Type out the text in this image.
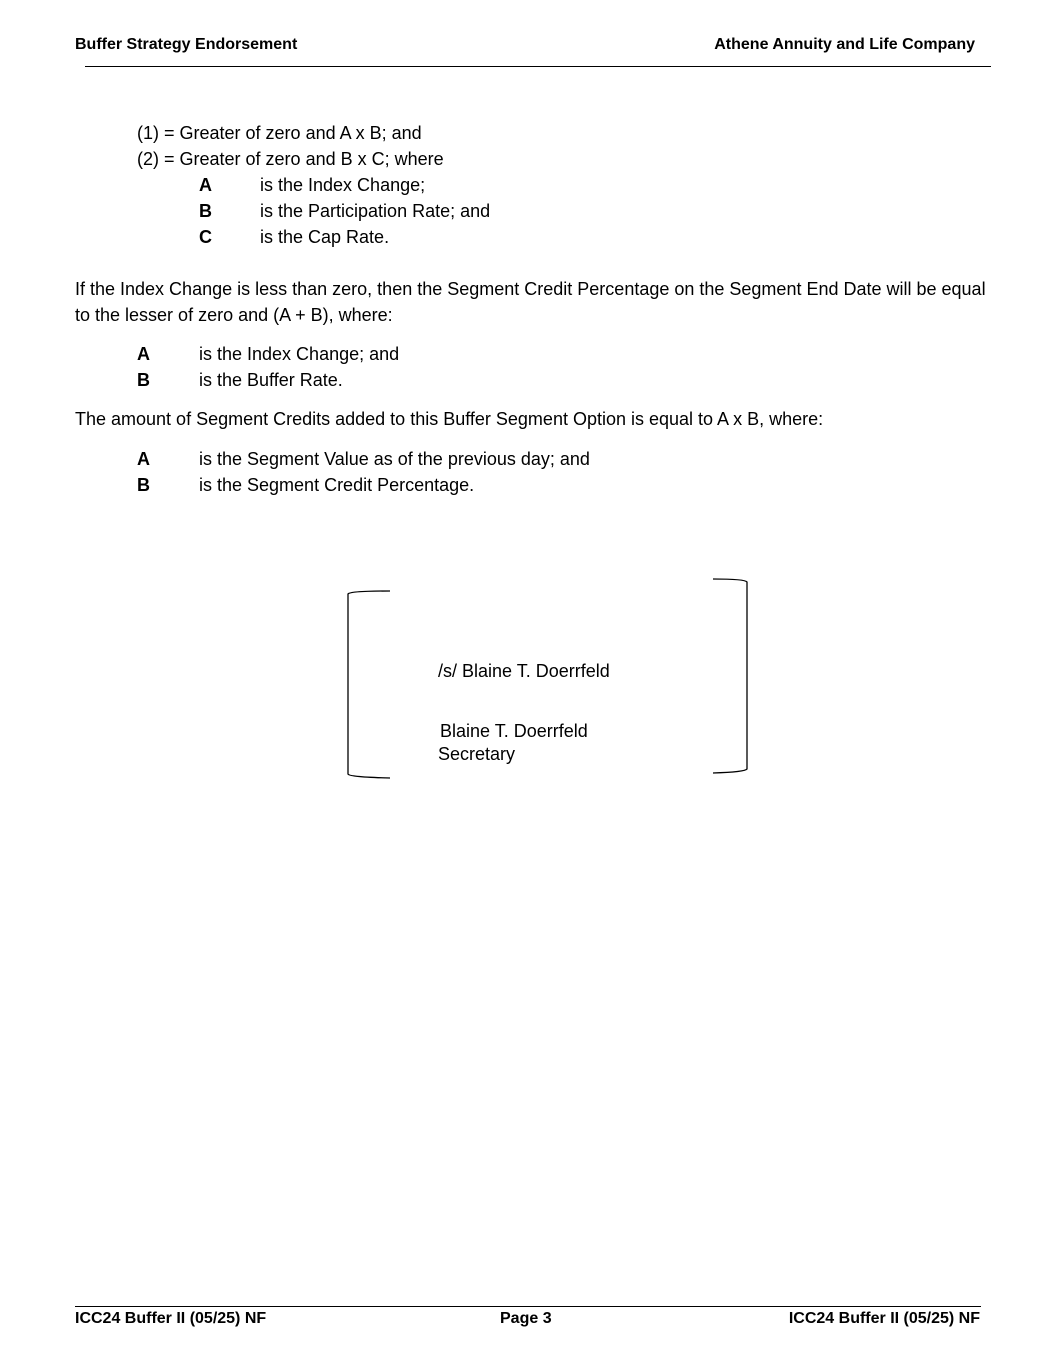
Buffer Strategy Endorsement	Athene Annuity and Life Company
(1) = Greater of zero and A x B; and
(2) = Greater of zero and B x C; where
A	is the Index Change;
B	is the Participation Rate; and
C	is the Cap Rate.
If the Index Change is less than zero, then the Segment Credit Percentage on the Segment End Date will be equal to the lesser of zero and (A + B), where:
A	is the Index Change; and
B	is the Buffer Rate.
The amount of Segment Credits added to this Buffer Segment Option is equal to A x B, where:
A	is the Segment Value as of the previous day; and
B	is the Segment Credit Percentage.
/s/ Blaine T. Doerrfeld
Blaine T. Doerrfeld
Secretary
ICC24 Buffer II (05/25) NF	Page 3	ICC24 Buffer II (05/25) NF
